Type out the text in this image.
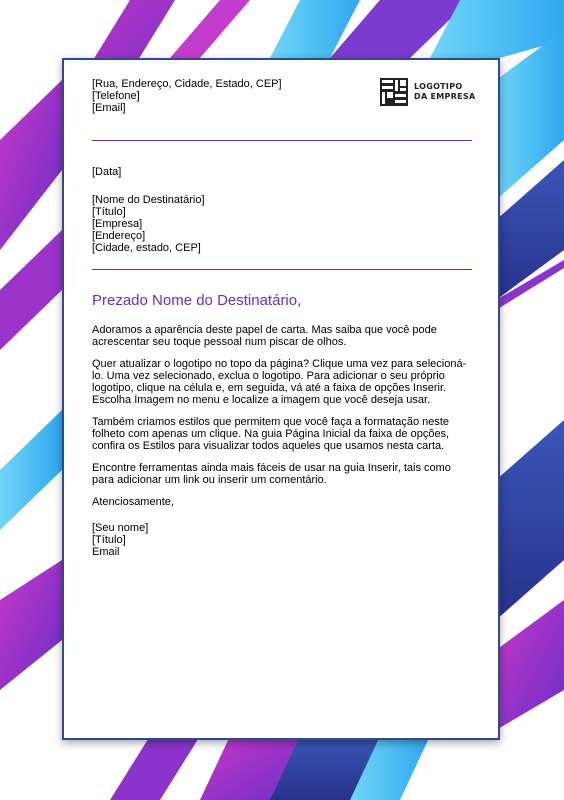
[Rua, Endereço, Cidade, Estado, CEP]
[Telefone]
[Email]
LOGOTIPO
DA EMPRESA
[Data]
[Nome do Destinatário]
[Título]
[Empresa]
[Endereço]
[Cidade, estado, CEP]
Prezado Nome do Destinatário,

Adoramos a aparência deste papel de carta. Mas saiba que você pode acrescentar seu toque pessoal num piscar de olhos.

Quer atualizar o logotipo no topo da página? Clique uma vez para selecioná-lo. Uma vez selecionado, exclua o logotipo. Para adicionar o seu próprio logotipo, clique na célula e, em seguida, vá até a faixa de opções Inserir. Escolha Imagem no menu e localize a imagem que você deseja usar.

Também criamos estilos que permitem que você faça a formatação neste folheto com apenas um clique. Na guia Página Inicial da faixa de opções, confira os Estilos para visualizar todos aqueles que usamos nesta carta.

Encontre ferramentas ainda mais fáceis de usar na guia Inserir, tais como para adicionar um link ou inserir um comentário.

Atenciosamente,

[Seu nome]
[Título]
Email
